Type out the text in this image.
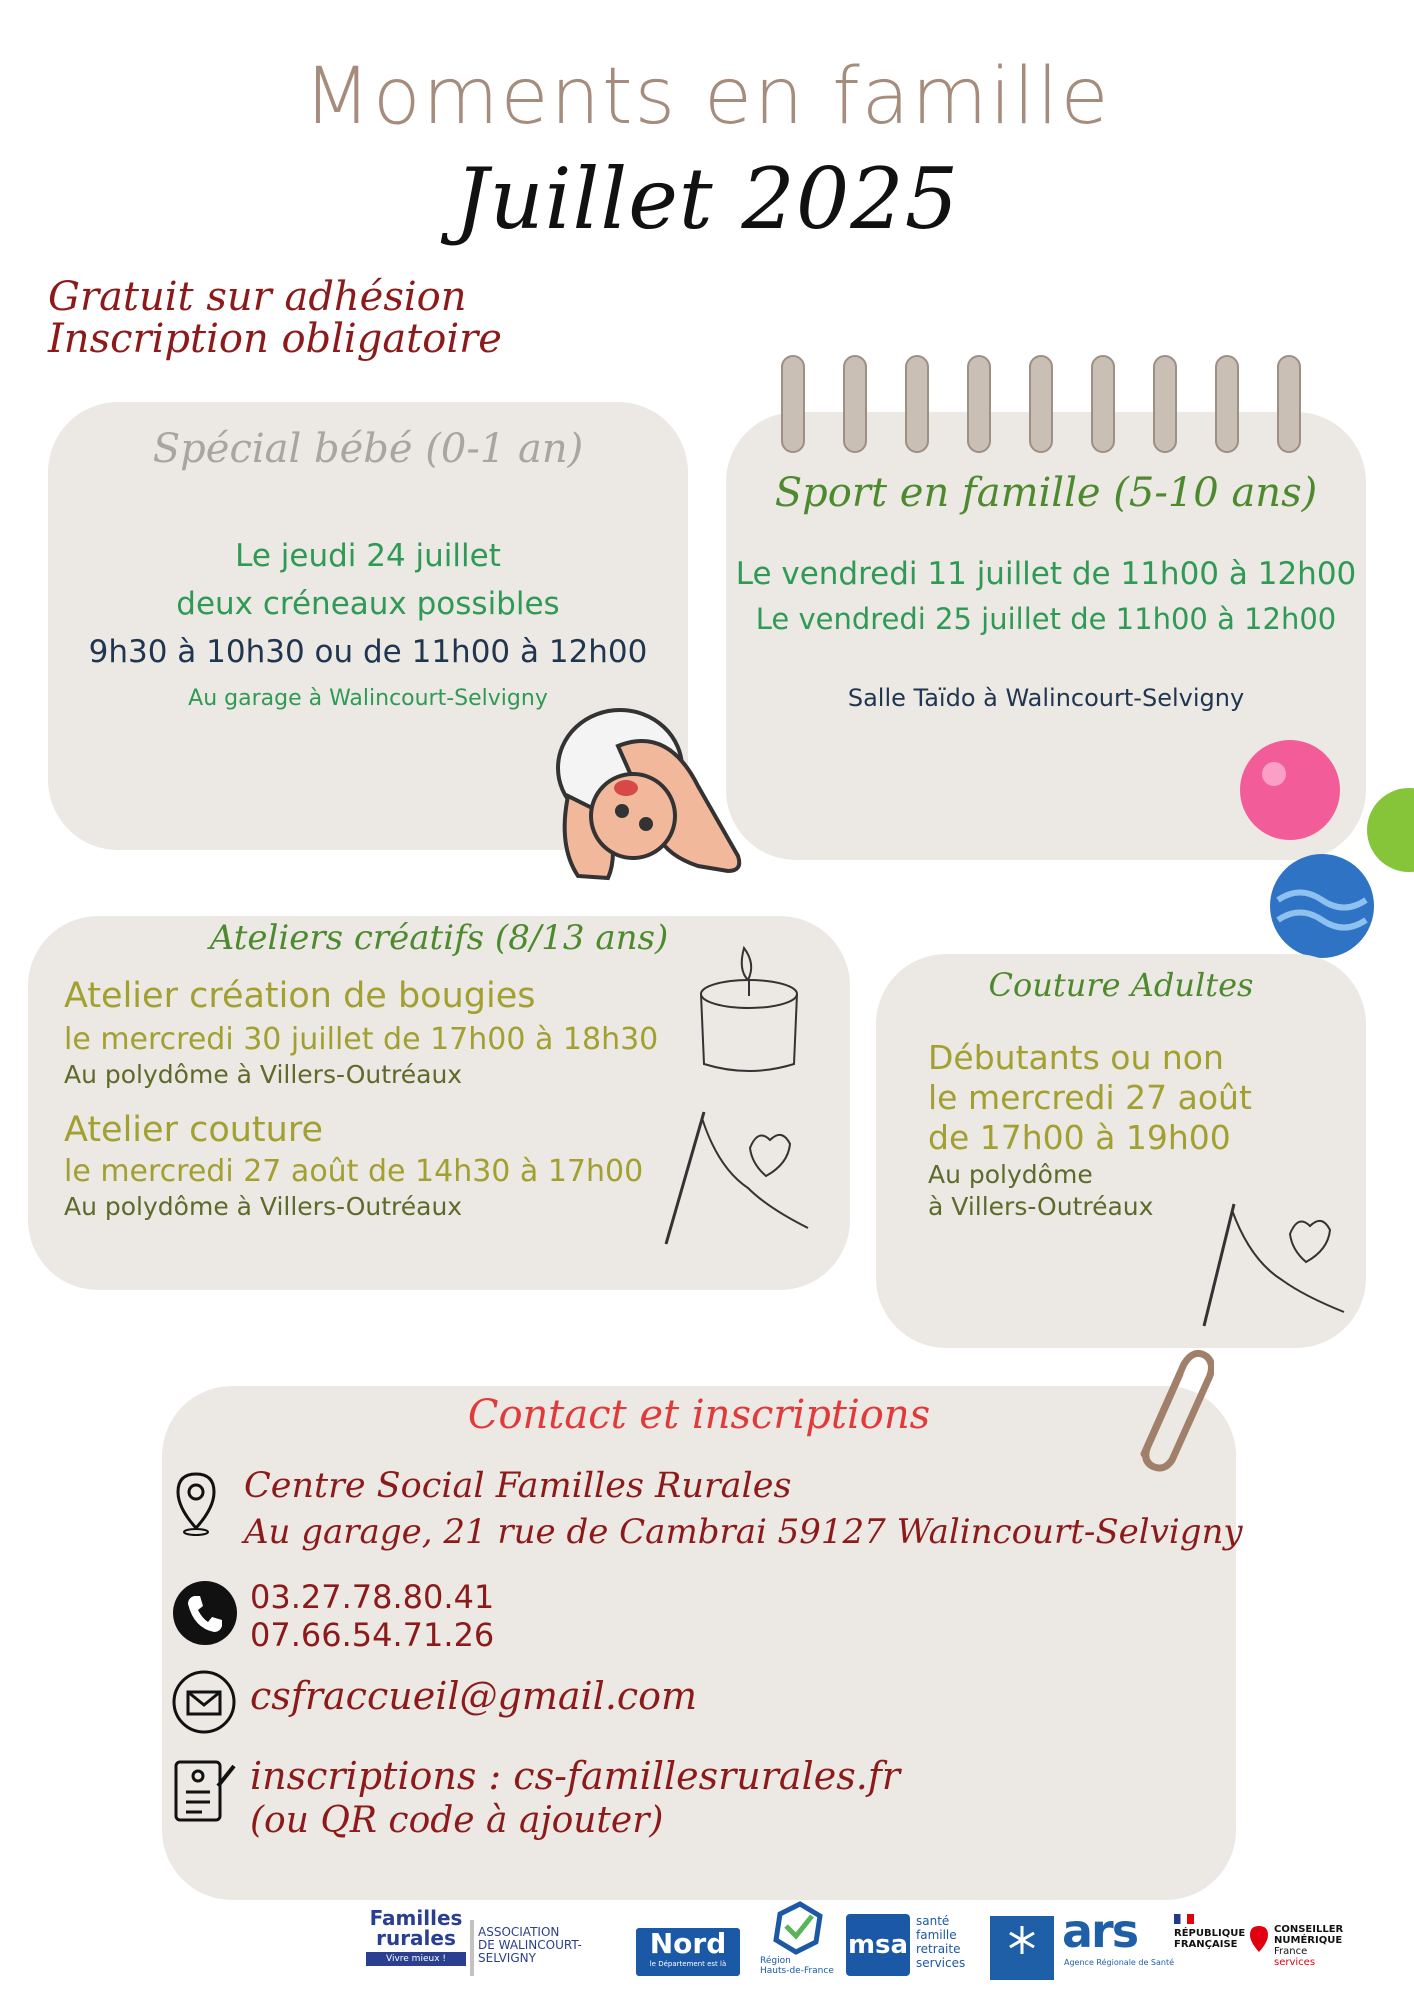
Moments en famille
Juillet 2025
Gratuit sur adhésion
Inscription obligatoire
Spécial bébé (0-1 an)
Le jeudi 24 juillet
deux créneaux possibles
9h30 à 10h30 ou de 11h00 à 12h00
Au garage à Walincourt-Selvigny
Sport en famille (5-10 ans)
Le vendredi 11 juillet de 11h00 à 12h00
Le vendredi 25 juillet de 11h00 à 12h00
Salle Taïdo à Walincourt-Selvigny
Ateliers créatifs (8/13 ans)
Atelier création de bougies
le mercredi 30 juillet de 17h00 à 18h30
Au polydôme à Villers-Outréaux
Atelier couture
le mercredi 27 août de 14h30 à 17h00
Au polydôme à Villers-Outréaux
Couture Adultes
Débutants ou non
le mercredi 27 août
de 17h00 à 19h00
Au polydôme
à Villers-Outréaux
Contact et inscriptions
Centre Social Familles Rurales
Au garage, 21 rue de Cambrai 59127 Walincourt-Selvigny
03.27.78.80.41
07.66.54.71.26
csfraccueil@gmail.com
inscriptions : cs-famillesrurales.fr
(ou QR code à ajouter)
Familles
rurales
Vivre mieux !
ASSOCIATION
DE WALINCOURT-
SELVIGNY	Nord
le Département est là	Région
Hauts-de-France
msa
santé
famille
retraite
services
ars
Agence Régionale de Santé
RÉPUBLIQUE
FRANÇAISE
CONSEILLER
NUMÉRIQUE
France
services
